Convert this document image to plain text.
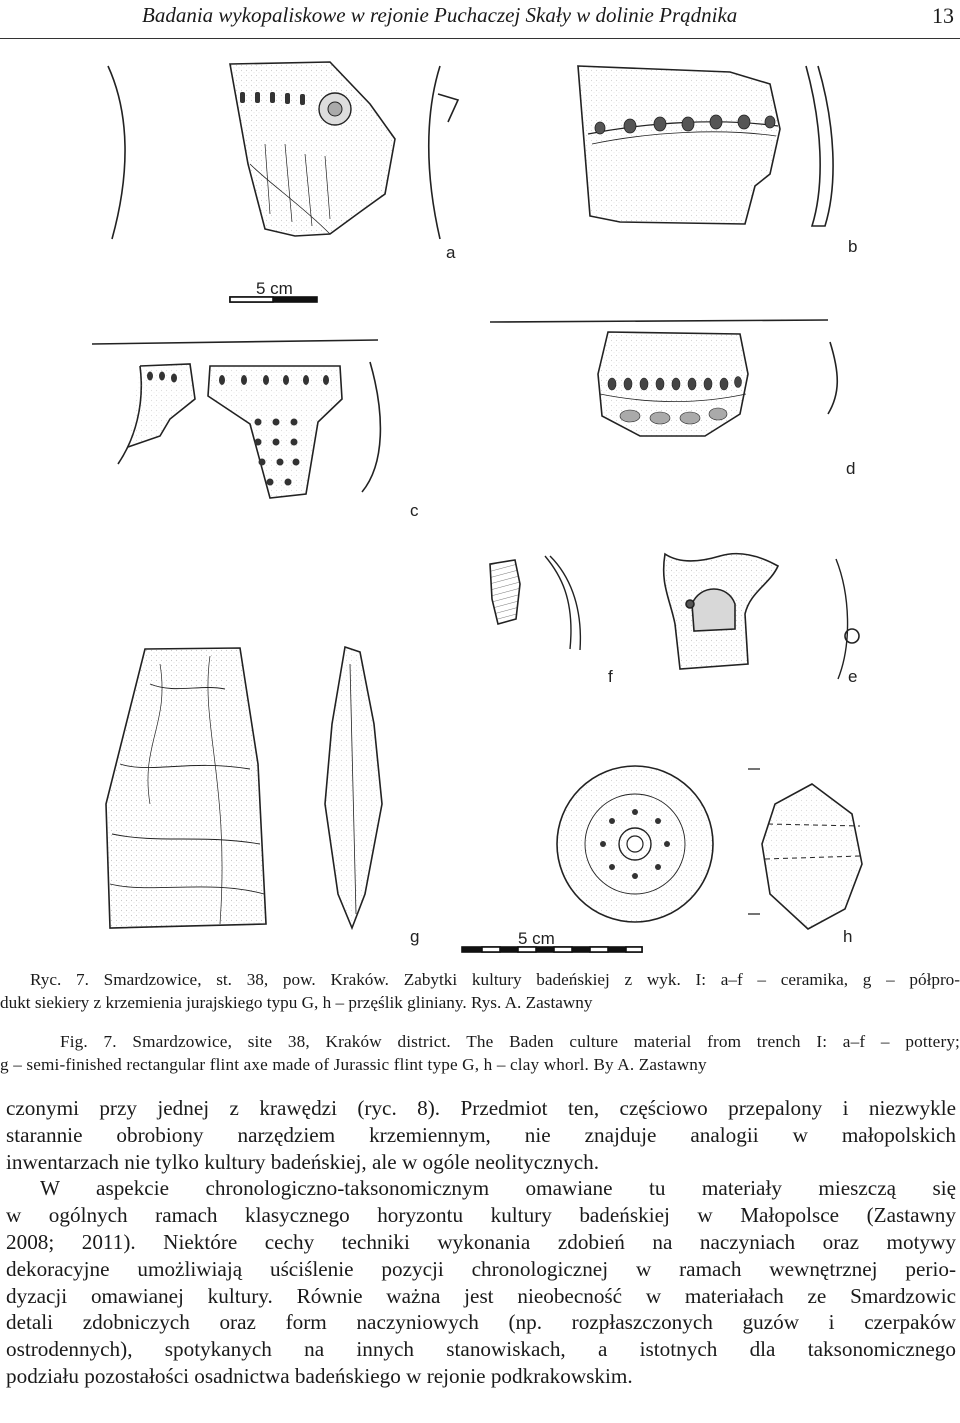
Badania wykopaliskowe w rejonie Puchaczej Skały w dolinie Prądnika	13
a	b
c
d
e
f
g	h
5 cm
5 cm

Ryc. 7. Smardzowice, st. 38, pow. Kraków. Zabytki kultury badeńskiej z wyk. I: a–f – ceramika, g – półpro-
dukt siekiery z krzemienia jurajskiego typu G, h – przęślik gliniany. Rys. A. Zastawny

Fig. 7. Smardzowice, site 38, Kraków district. The Baden culture material from trench I: a–f – pottery;
g – semi-finished rectangular flint axe made of Jurassic flint type G, h – clay whorl. By A. Zastawny

czonymi przy jednej z krawędzi (ryc. 8). Przedmiot ten, częściowo przepalony i niezwykle
starannie obrobiony narzędziem krzemiennym, nie znajduje analogii w małopolskich
inwentarzach nie tylko kultury badeńskiej, ale w ogóle neolitycznych.

W aspekcie chronologiczno-taksonomicznym omawiane tu materiały mieszczą się
w ogólnych ramach klasycznego horyzontu kultury badeńskiej w Małopolsce (Zastawny
2008; 2011). Niektóre cechy techniki wykonania zdobień na naczyniach oraz motywy
dekoracyjne umożliwiają uściślenie pozycji chronologicznej w ramach wewnętrznej perio-
dyzacji omawianej kultury. Równie ważna jest nieobecność w materiałach ze Smardzowic
detali zdobniczych oraz form naczyniowych (np. rozpłaszczonych guzów i czerpaków
ostrodennych), spotykanych na innych stanowiskach, a istotnych dla taksonomicznego
podziału pozostałości osadnictwa badeńskiego w rejonie podkrakowskim.
